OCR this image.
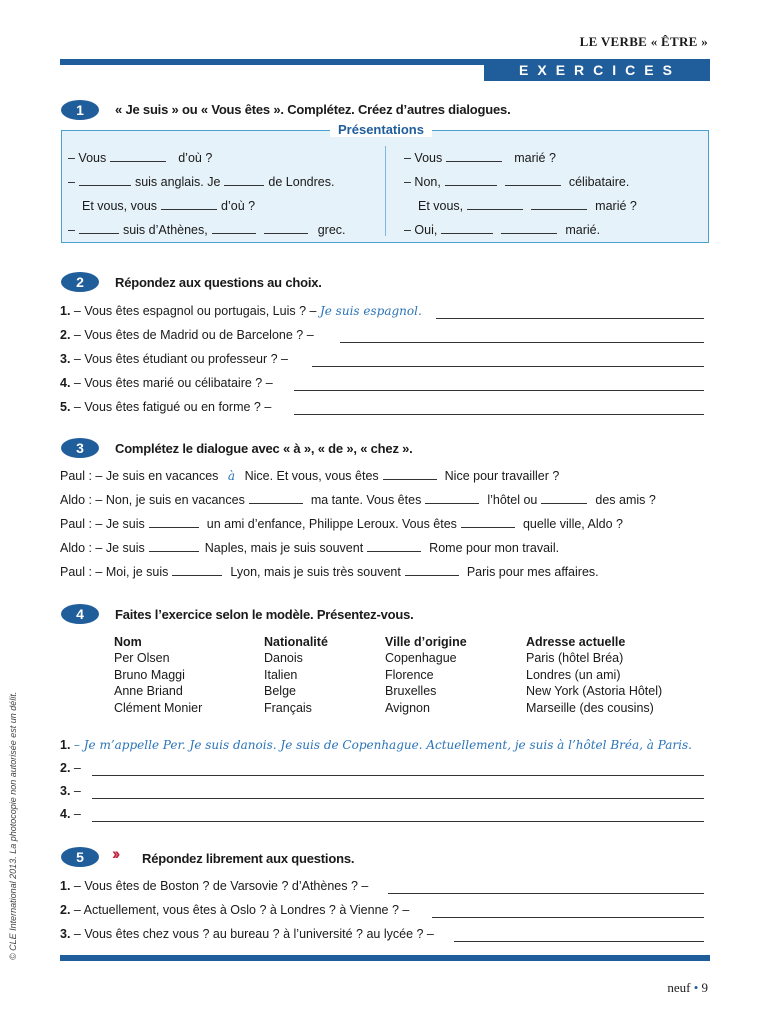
LE VERBE « ÊTRE »
EXERCICES
1	« Je suis » ou « Vous êtes ». Complétez. Créez d’autres dialogues.
– Vous	d’où ?
–	suis anglais. Je	de Londres.
Et vous, vous	d’où ?
–	suis d’Athènes,	grec.
– Vous	marié ?
– Non,	célibataire.
Et vous,	marié ?
– Oui,	marié.
Présentations
2	Répondez aux questions au choix.
1. – Vous êtes espagnol ou portugais, Luis ? – Je suis espagnol.
2. – Vous êtes de Madrid ou de Barcelone ? –
3. – Vous êtes étudiant ou professeur ? –
4. – Vous êtes marié ou célibataire ? –
5. – Vous êtes fatigué ou en forme ? –
3	Complétez le dialogue avec « à », « de », « chez ».
Paul : – Je suis en vacances à Nice. Et vous, vous êtes	Nice pour travailler ?
Aldo : – Non, je suis en vacances	ma tante. Vous êtes	l’hôtel ou	des amis ?
Paul : – Je suis	un ami d’enfance, Philippe Leroux. Vous êtes	quelle ville, Aldo ?
Aldo : – Je suis	Naples, mais je suis souvent	Rome pour mon travail.
Paul : – Moi, je suis	Lyon, mais je suis très souvent	Paris pour mes affaires.
4	Faites l’exercice selon le modèle. Présentez-vous.
Nom	Nationalité	Ville d’origine	Adresse actuelle
Per Olsen	Danois	Copenhague	Paris (hôtel Bréa)
Bruno Maggi	Italien	Florence	Londres (un ami)
Anne Briand	Belge	Bruxelles	New York (Astoria Hôtel)
Clément Monier	Français	Avignon	Marseille (des cousins)
1. – Je m’appelle Per. Je suis danois. Je suis de Copenhague. Actuellement, je suis à l’hôtel Bréa, à Paris.
2. –
3. –
4. –
5	›› Répondez librement aux questions.
1. – Vous êtes de Boston ? de Varsovie ? d’Athènes ? –
2. – Actuellement, vous êtes à Oslo ? à Londres ? à Vienne ? –
3. – Vous êtes chez vous ? au bureau ? à l’université ? au lycée ? –
© CLE International 2013. La photocopie non autorisée est un délit.
neuf • 9
